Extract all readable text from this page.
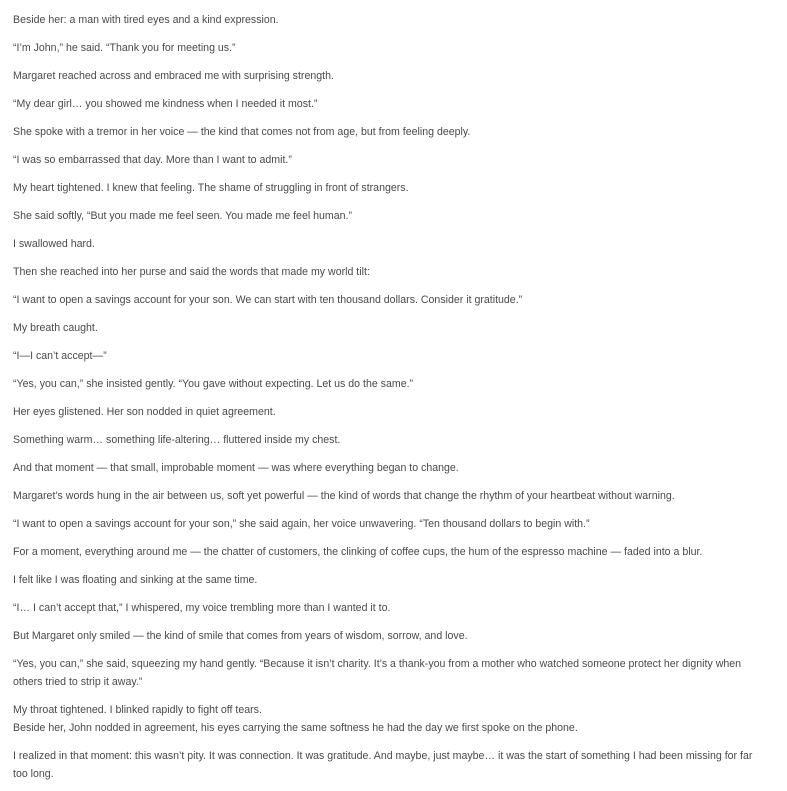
Beside her: a man with tired eyes and a kind expression.

“I’m John,” he said. “Thank you for meeting us.”

Margaret reached across and embraced me with surprising strength.

“My dear girl… you showed me kindness when I needed it most.”

She spoke with a tremor in her voice — the kind that comes not from age, but from feeling deeply.

“I was so embarrassed that day. More than I want to admit.”

My heart tightened. I knew that feeling. The shame of struggling in front of strangers.

She said softly, “But you made me feel seen. You made me feel human.”

I swallowed hard.

Then she reached into her purse and said the words that made my world tilt:

“I want to open a savings account for your son. We can start with ten thousand dollars. Consider it gratitude.”

My breath caught.

“I—I can’t accept—”

“Yes, you can,” she insisted gently. “You gave without expecting. Let us do the same.”

Her eyes glistened. Her son nodded in quiet agreement.

Something warm… something life-altering… fluttered inside my chest.

And that moment — that small, improbable moment — was where everything began to change.

Margaret’s words hung in the air between us, soft yet powerful — the kind of words that change the rhythm of your heartbeat without warning.

“I want to open a savings account for your son,” she said again, her voice unwavering. “Ten thousand dollars to begin with.”

For a moment, everything around me — the chatter of customers, the clinking of coffee cups, the hum of the espresso machine — faded into a blur.

I felt like I was floating and sinking at the same time.

“I… I can’t accept that,” I whispered, my voice trembling more than I wanted it to.

But Margaret only smiled — the kind of smile that comes from years of wisdom, sorrow, and love.

“Yes, you can,” she said, squeezing my hand gently. “Because it isn’t charity. It’s a thank-you from a mother who watched someone protect her dignity when others tried to strip it away.”

My throat tightened. I blinked rapidly to fight off tears.

Beside her, John nodded in agreement, his eyes carrying the same softness he had the day we first spoke on the phone.

I realized in that moment: this wasn’t pity. It was connection. It was gratitude. And maybe, just maybe… it was the start of something I had been missing for far too long.
